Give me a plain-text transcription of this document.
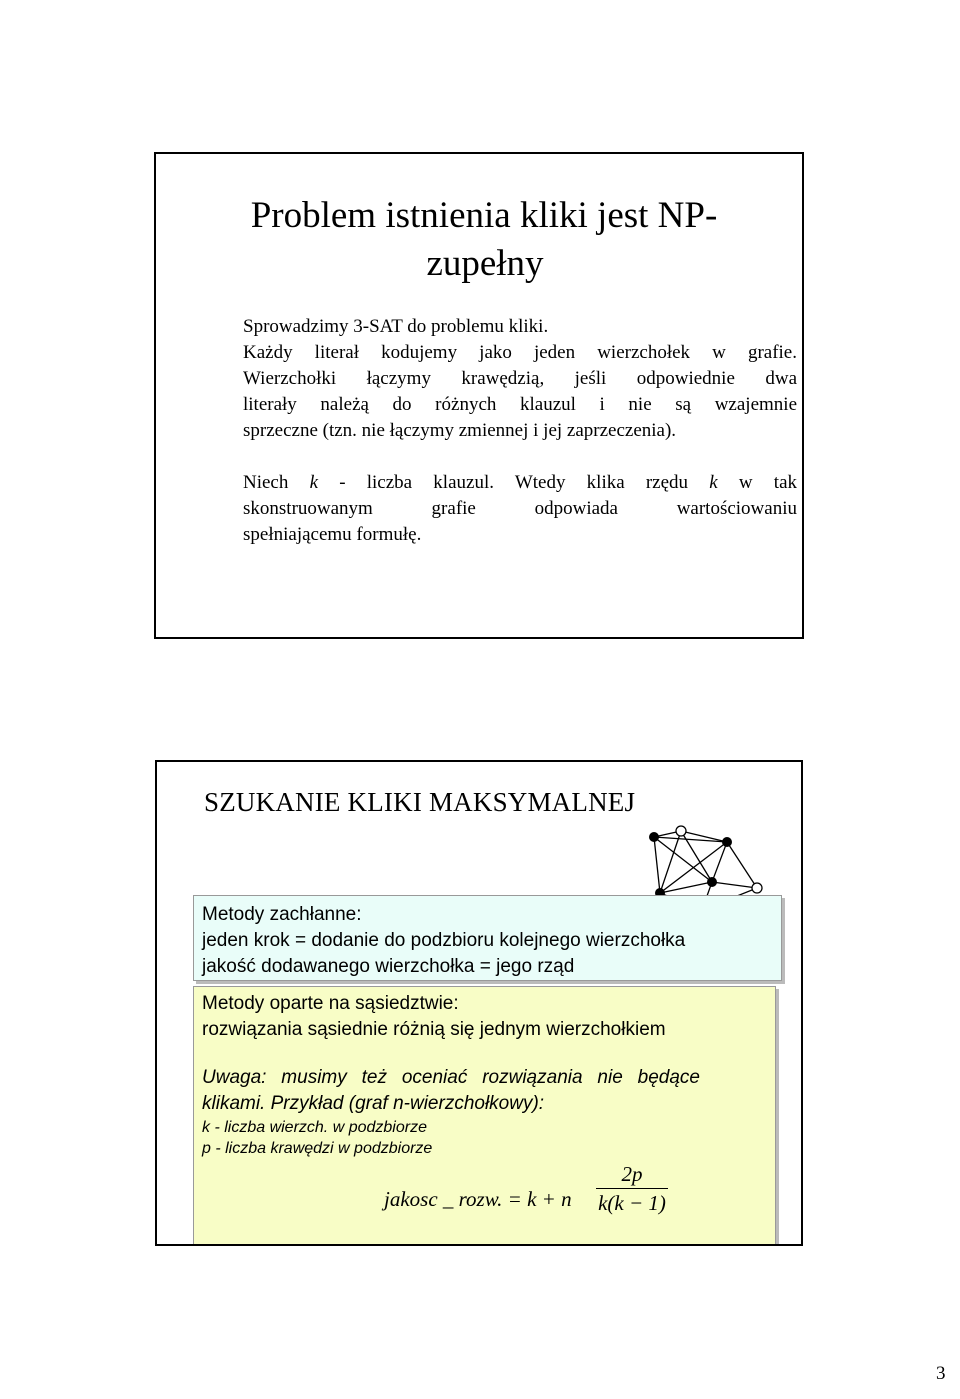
Problem istnienia kliki jest NP-
zupełny
Sprowadzimy 3-SAT do problemu kliki.
Każdy literał kodujemy jako jeden wierzchołek w grafie.
Wierzchołki łączymy krawędzią, jeśli odpowiednie dwa
literały należą do różnych klauzul i nie są wzajemnie
sprzeczne (tzn. nie łączymy zmiennej i jej zaprzeczenia).
Niech k - liczba klauzul. Wtedy klika rzędu k w tak
skonstruowanym grafie odpowiada wartościowaniu
spełniającemu formułę.
SZUKANIE KLIKI MAKSYMALNEJ
Metody zachłanne:
jeden krok = dodanie do podzbioru kolejnego wierzchołka
jakość dodawanego wierzchołka = jego rząd
Metody oparte na sąsiedztwie:
rozwiązania sąsiednie różnią się jednym wierzchołkiem
Uwaga: musimy też oceniać rozwiązania nie będące
klikami. Przykład (graf n-wierzchołkowy):
k - liczba wierzch. w podzbiorze
p - liczba krawędzi w podzbiorze
jakosc _ rozw. = k + n
2p
k(k − 1)
3
